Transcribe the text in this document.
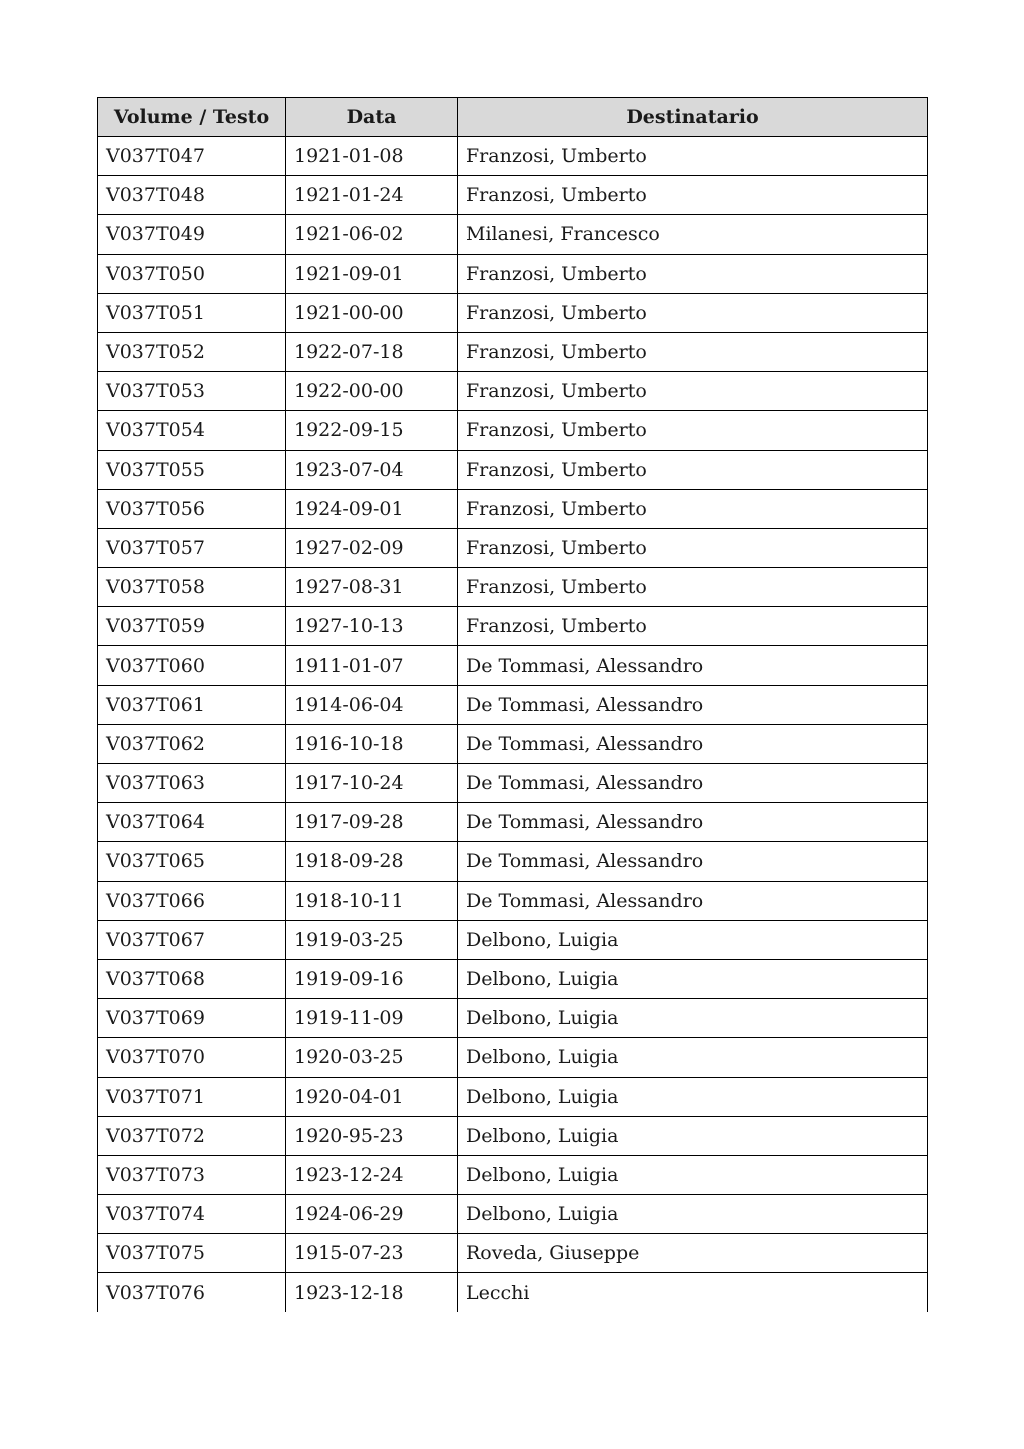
Volume / Testo	Data	Destinatario
V037T047	1921-01-08	Franzosi, Umberto
V037T048	1921-01-24	Franzosi, Umberto
V037T049	1921-06-02	Milanesi, Francesco
V037T050	1921-09-01	Franzosi, Umberto
V037T051	1921-00-00	Franzosi, Umberto
V037T052	1922-07-18	Franzosi, Umberto
V037T053	1922-00-00	Franzosi, Umberto
V037T054	1922-09-15	Franzosi, Umberto
V037T055	1923-07-04	Franzosi, Umberto
V037T056	1924-09-01	Franzosi, Umberto
V037T057	1927-02-09	Franzosi, Umberto
V037T058	1927-08-31	Franzosi, Umberto
V037T059	1927-10-13	Franzosi, Umberto
V037T060	1911-01-07	De Tommasi, Alessandro
V037T061	1914-06-04	De Tommasi, Alessandro
V037T062	1916-10-18	De Tommasi, Alessandro
V037T063	1917-10-24	De Tommasi, Alessandro
V037T064	1917-09-28	De Tommasi, Alessandro
V037T065	1918-09-28	De Tommasi, Alessandro
V037T066	1918-10-11	De Tommasi, Alessandro
V037T067	1919-03-25	Delbono, Luigia
V037T068	1919-09-16	Delbono, Luigia
V037T069	1919-11-09	Delbono, Luigia
V037T070	1920-03-25	Delbono, Luigia
V037T071	1920-04-01	Delbono, Luigia
V037T072	1920-95-23	Delbono, Luigia
V037T073	1923-12-24	Delbono, Luigia
V037T074	1924-06-29	Delbono, Luigia
V037T075	1915-07-23	Roveda, Giuseppe
V037T076	1923-12-18	Lecchi
